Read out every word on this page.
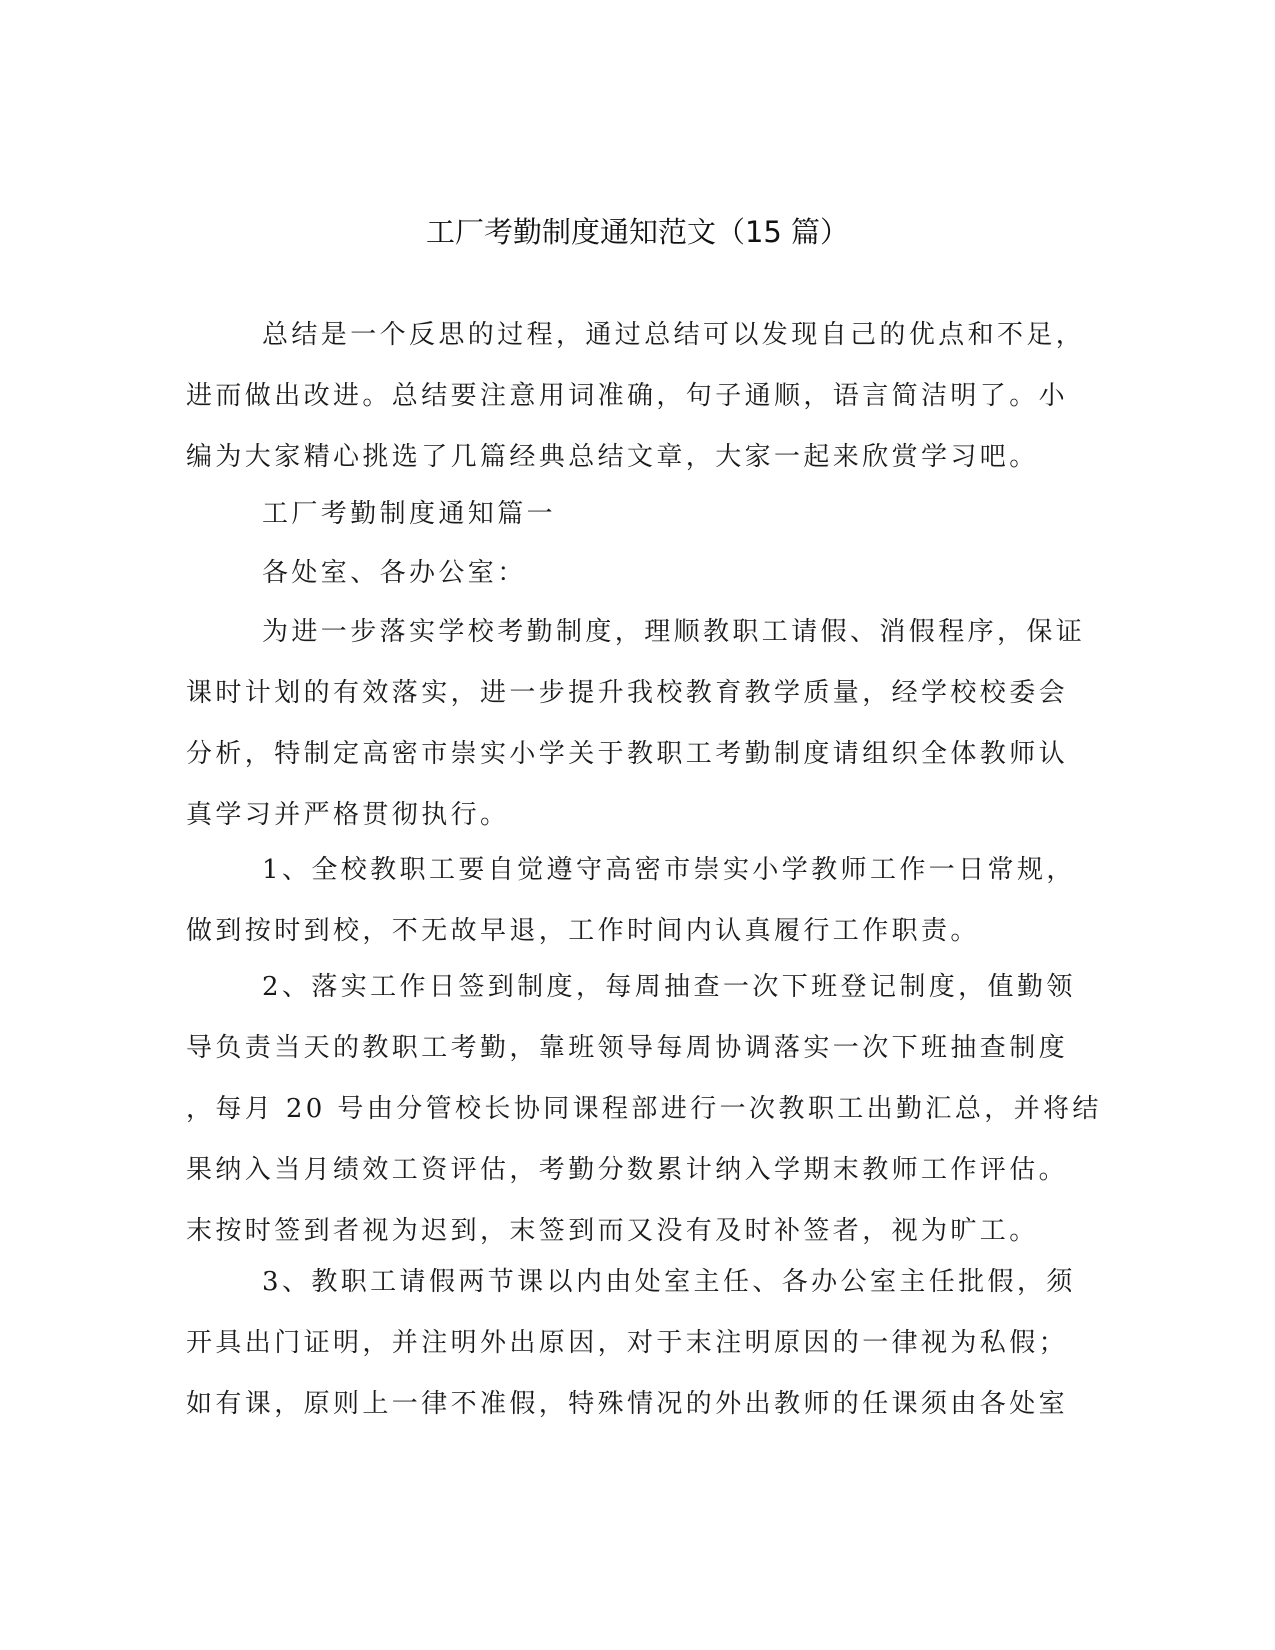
工厂考勤制度通知范文（15 篇）
总结是一个反思的过程，通过总结可以发现自己的优点和不足，
进而做出改进。总结要注意用词准确，句子通顺，语言简洁明了。小
编为大家精心挑选了几篇经典总结文章，大家一起来欣赏学习吧。
工厂考勤制度通知篇一
各处室、各办公室：
为进一步落实学校考勤制度，理顺教职工请假、消假程序，保证
课时计划的有效落实，进一步提升我校教育教学质量，经学校校委会
分析，特制定高密市崇实小学关于教职工考勤制度请组织全体教师认
真学习并严格贯彻执行。
1、全校教职工要自觉遵守高密市崇实小学教师工作一日常规，
做到按时到校，不无故早退，工作时间内认真履行工作职责。
2、落实工作日签到制度，每周抽查一次下班登记制度，值勤领
导负责当天的教职工考勤，靠班领导每周协调落实一次下班抽查制度
，每月 20 号由分管校长协同课程部进行一次教职工出勤汇总，并将结
果纳入当月绩效工资评估，考勤分数累计纳入学期末教师工作评估。
末按时签到者视为迟到，末签到而又没有及时补签者，视为旷工。
3、教职工请假两节课以内由处室主任、各办公室主任批假，须
开具出门证明，并注明外出原因，对于末注明原因的一律视为私假；
如有课，原则上一律不准假，特殊情况的外出教师的任课须由各处室
